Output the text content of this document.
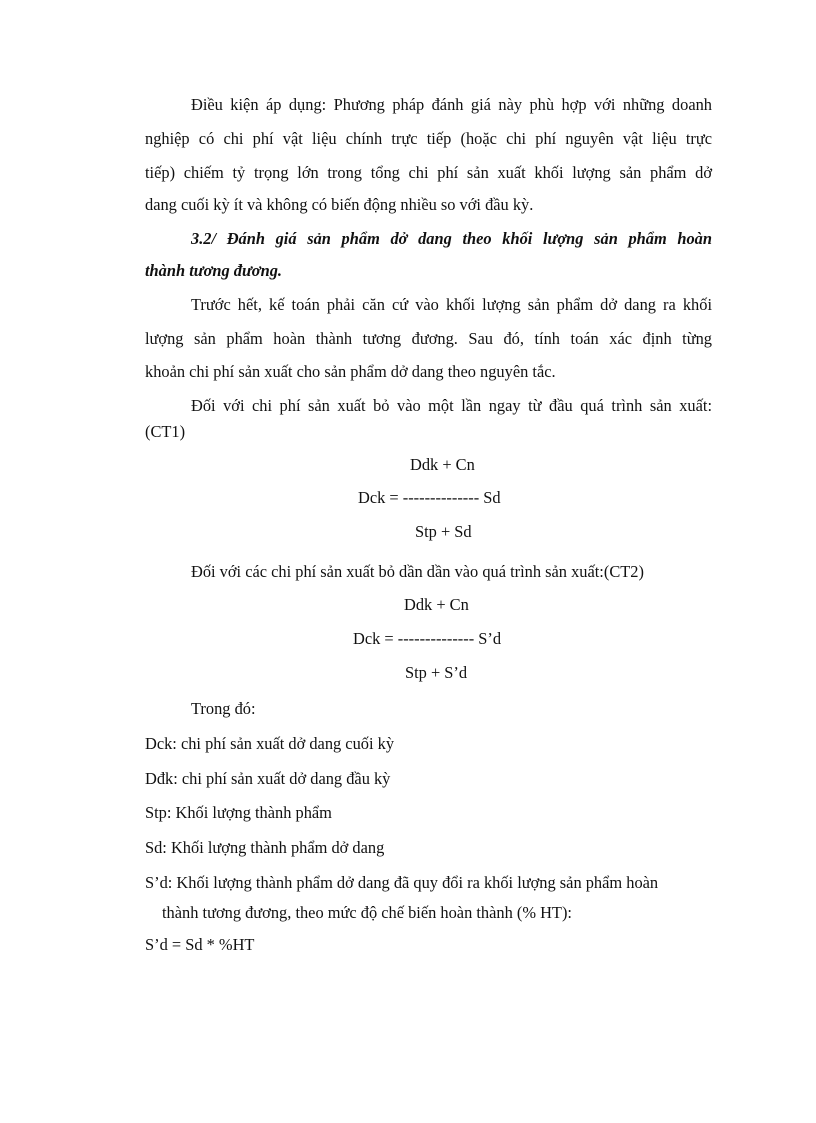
Điều kiện áp dụng: Phương pháp đánh giá này phù hợp với những doanh
nghiệp có chi phí vật liệu chính trực tiếp (hoặc chi phí nguyên vật liệu trực
tiếp) chiếm tỷ trọng lớn trong tổng chi phí sản xuất khối lượng sản phẩm dở
dang cuối kỳ ít và không có biến động nhiều so với đầu kỳ.
3.2/ Đánh giá sản phẩm dở dang theo khối lượng sản phẩm hoàn
thành tương đương.
Trước hết, kế toán phải căn cứ vào khối lượng sản phẩm dở dang ra khối
lượng sản phẩm hoàn thành tương đương. Sau đó, tính toán xác định từng
khoản chi phí sản xuất cho sản phẩm dở dang theo nguyên tắc.
Đối với chi phí sản xuất bỏ vào một lần ngay từ đầu quá trình sản xuất:
(CT1)
Ddk + Cn
Dck = -------------- Sd
Stp + Sd
Đối với các chi phí sản xuất bỏ dần dần vào quá trình sản xuất:(CT2)
Ddk + Cn
Dck = -------------- S’d
Stp + S’d
Trong đó:
Dck: chi phí sản xuất dở dang cuối kỳ
Dđk: chi phí sản xuất dở dang đầu kỳ
Stp: Khối lượng thành phẩm
Sd: Khối lượng thành phẩm dở dang
S’d: Khối lượng thành phẩm dở dang đã quy đổi ra khối lượng sản phẩm hoàn
thành tương đương, theo mức độ chế biến hoàn thành (% HT):
S’d = Sd * %HT
